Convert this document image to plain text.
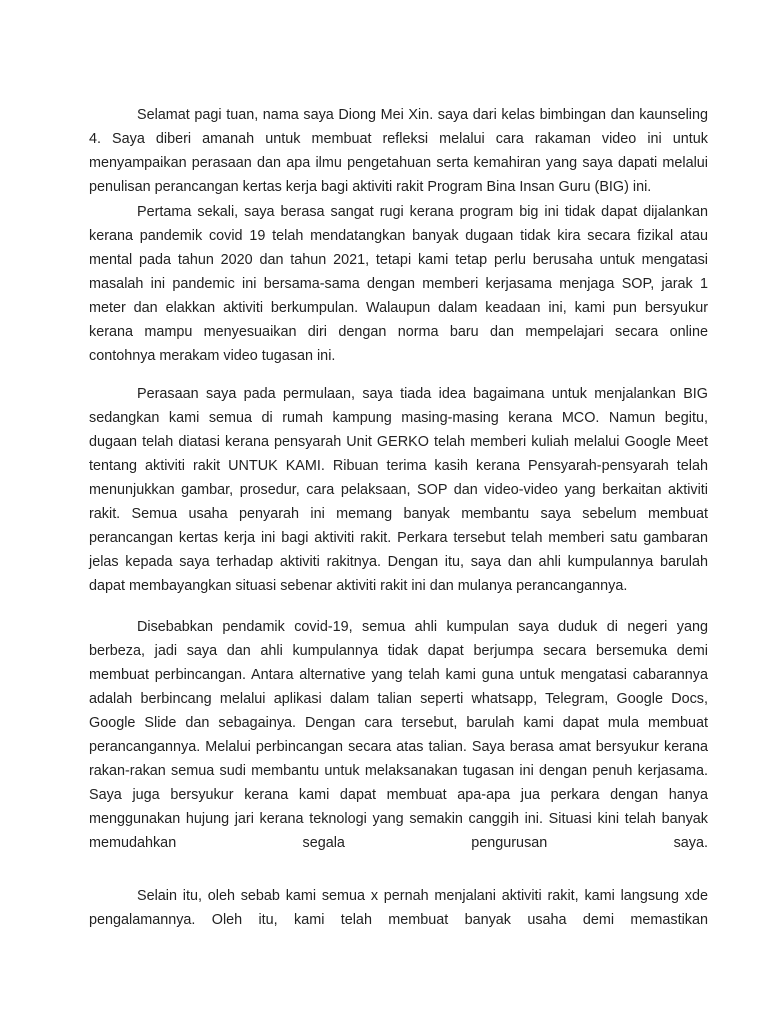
Selamat pagi tuan, nama saya Diong Mei Xin. saya dari kelas bimbingan dan kaunseling
4. Saya diberi amanah untuk membuat refleksi melalui cara rakaman video ini untuk
menyampaikan perasaan dan apa ilmu pengetahuan serta kemahiran yang saya dapati melalui
penulisan perancangan kertas kerja bagi aktiviti rakit Program Bina Insan Guru (BIG) ini.
Pertama sekali, saya berasa sangat rugi kerana program big ini tidak dapat dijalankan
kerana pandemik covid 19 telah mendatangkan banyak dugaan tidak kira secara fizikal atau
mental pada tahun 2020 dan tahun 2021, tetapi kami tetap perlu berusaha untuk mengatasi
masalah ini pandemic ini bersama-sama dengan memberi kerjasama menjaga SOP, jarak 1
meter dan elakkan aktiviti berkumpulan. Walaupun dalam keadaan ini, kami pun bersyukur
kerana mampu menyesuaikan diri dengan norma baru dan mempelajari secara online
contohnya merakam video tugasan ini.
Perasaan saya pada permulaan, saya tiada idea bagaimana untuk menjalankan BIG
sedangkan kami semua di rumah kampung masing-masing kerana MCO. Namun begitu,
dugaan telah diatasi kerana pensyarah Unit GERKO telah memberi kuliah melalui Google Meet
tentang aktiviti rakit UNTUK KAMI. Ribuan terima kasih kerana Pensyarah-pensyarah telah
menunjukkan gambar, prosedur, cara pelaksaan, SOP dan video-video yang berkaitan aktiviti
rakit. Semua usaha penyarah ini memang banyak membantu saya sebelum membuat
perancangan kertas kerja ini bagi aktiviti rakit. Perkara tersebut telah memberi satu gambaran
jelas kepada saya terhadap aktiviti rakitnya. Dengan itu, saya dan ahli kumpulannya barulah
dapat membayangkan situasi sebenar aktiviti rakit ini dan mulanya perancangannya.
Disebabkan pendamik covid-19, semua ahli kumpulan saya duduk di negeri yang
berbeza, jadi saya dan ahli kumpulannya tidak dapat berjumpa secara bersemuka demi
membuat perbincangan. Antara alternative yang telah kami guna untuk mengatasi cabarannya
adalah berbincang melalui aplikasi dalam talian seperti whatsapp, Telegram, Google Docs,
Google Slide dan sebagainya. Dengan cara tersebut, barulah kami dapat mula membuat
perancangannya. Melalui perbincangan secara atas talian. Saya berasa amat bersyukur kerana
rakan-rakan semua sudi membantu untuk melaksanakan tugasan ini dengan penuh kerjasama.
Saya juga bersyukur kerana kami dapat membuat apa-apa jua perkara dengan hanya
menggunakan hujung jari kerana teknologi yang semakin canggih ini. Situasi kini telah banyak
memudahkan segala pengurusan saya.
Selain itu, oleh sebab kami semua x pernah menjalani aktiviti rakit, kami langsung xde
pengalamannya. Oleh itu, kami telah membuat banyak usaha demi memastikan
